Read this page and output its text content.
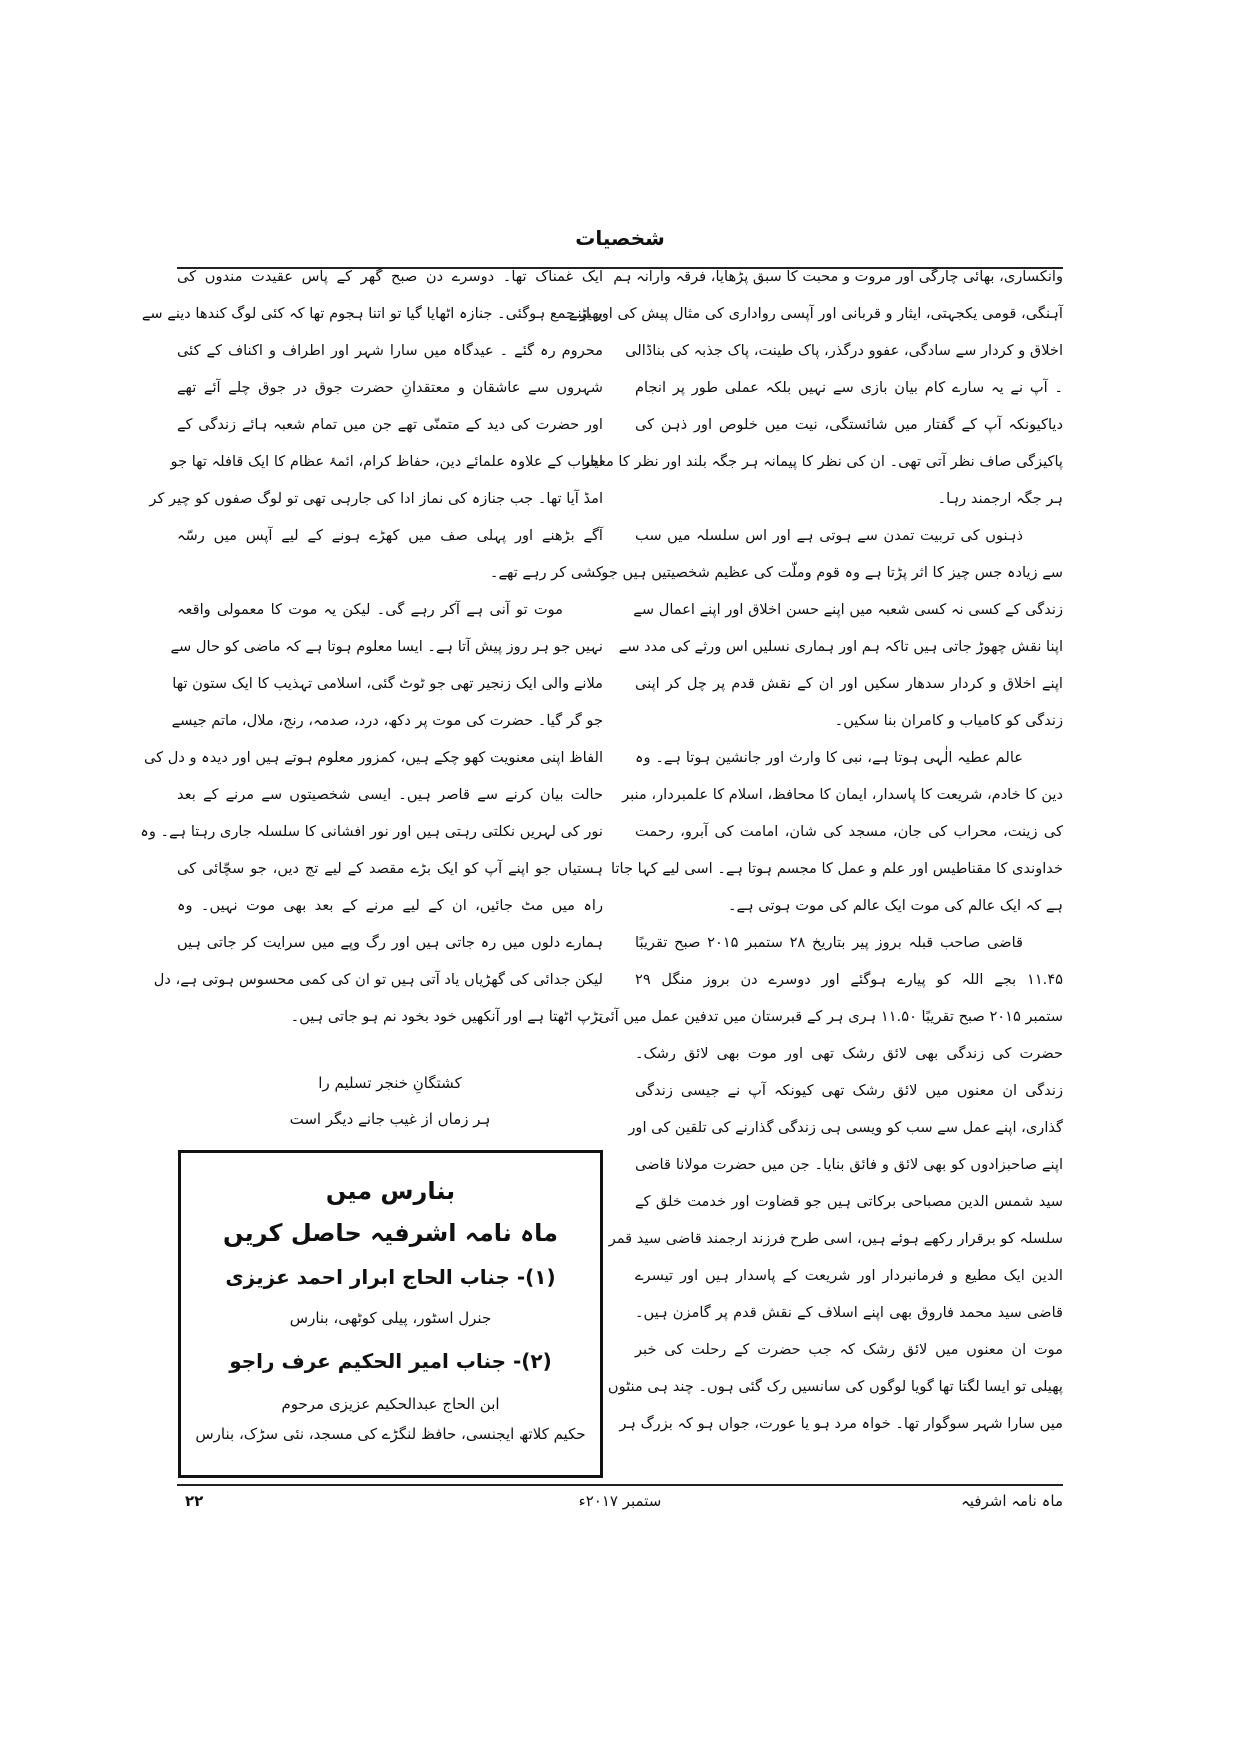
شخصیات
وانکساری، بھائی چارگی اور مروت و محبت کا سبق پڑھایا، فرقہ وارانہ ہم
آہنگی، قومی یکجہتی، ایثار و قربانی اور آپسی رواداری کی مثال پیش کی اور اپنے
اخلاق و کردار سے سادگی، عفوو درگذر، پاک طینت، پاک جذبہ کی بناڈالی
۔ آپ نے یہ سارے کام بیان بازی سے نہیں بلکہ عملی طور پر انجام
دیاکیونکہ آپ کے گفتار میں شائستگی، نیت میں خلوص اور ذہن کی
پاکیزگی صاف نظر آتی تھی۔ ان کی نظر کا پیمانہ ہر جگہ بلند اور نظر کا معیار
ہر جگہ ارجمند رہا۔
ذہنوں کی تربیت تمدن سے ہوتی ہے اور اس سلسلہ میں سب
سے زیادہ جس چیز کا اثر پڑتا ہے وہ قوم وملّت کی عظیم شخصیتیں ہیں جو
زندگی کے کسی نہ کسی شعبہ میں اپنے حسن اخلاق اور اپنے اعمال سے
اپنا نقش چھوڑ جاتی ہیں تاکہ ہم اور ہماری نسلیں اس ورثے کی مدد سے
اپنے اخلاق و کردار سدھار سکیں اور ان کے نقش قدم پر چل کر اپنی
زندگی کو کامیاب و کامران بنا سکیں۔
عالم عطیہ الٰہی ہوتا ہے، نبی کا وارث اور جانشین ہوتا ہے۔ وہ
دین کا خادم، شریعت کا پاسدار، ایمان کا محافظ، اسلام کا علمبردار، منبر
کی زینت، محراب کی جان، مسجد کی شان، امامت کی آبرو، رحمت
خداوندی کا مقناطیس اور علم و عمل کا مجسم ہوتا ہے۔ اسی لیے کہا جاتا
ہے کہ ایک عالم کی موت ایک عالم کی موت ہوتی ہے۔
قاضی صاحب قبلہ بروز پیر بتاریخ ۲۸ ستمبر ۲۰۱۵ صبح تقریبًا
۱۱.۴۵ بجے اللہ کو پیارے ہوگئے اور دوسرے دن بروز منگل ۲۹
ستمبر ۲۰۱۵ صبح تقریبًا ۱۱.۵۰ ہری ہر کے قبرستان میں تدفین عمل میں آئی
حضرت کی زندگی بھی لائق رشک تھی اور موت بھی لائق رشک۔
زندگی ان معنوں میں لائق رشک تھی کیونکہ آپ نے جیسی زندگی
گذاری، اپنے عمل سے سب کو ویسی ہی زندگی گذارنے کی تلقین کی اور
اپنے صاحبزادوں کو بھی لائق و فائق بنایا۔ جن میں حضرت مولانا قاضی
سید شمس الدین مصباحی برکاتی ہیں جو قضاوت اور خدمت خلق کے
سلسلہ کو برقرار رکھے ہوئے ہیں، اسی طرح فرزند ارجمند قاضی سید قمر
الدین ایک مطیع و فرمانبردار اور شریعت کے پاسدار ہیں اور تیسرے
قاضی سید محمد فاروق بھی اپنے اسلاف کے نقش قدم پر گامزن ہیں۔
موت ان معنوں میں لائق رشک کہ جب حضرت کے رحلت کی خبر
پھیلی تو ایسا لگتا تھا گویا لوگوں کی سانسیں رک گئی ہوں۔ چند ہی منٹوں
میں سارا شہر سوگوار تھا۔ خواہ مرد ہو یا عورت، جواں ہو کہ بزرگ ہر
ایک غمناک تھا۔ دوسرے دن صبح گھر کے پاس عقیدت مندوں کی
بھیڑ جمع ہوگئی۔ جنازہ اٹھایا گیا تو اتنا ہجوم تھا کہ کئی لوگ کندھا دینے سے
محروم رہ گئے ۔ عیدگاہ میں سارا شہر اور اطراف و اکناف کے کئی
شہروں سے عاشقان و معتقدانِ حضرت جوق در جوق چلے آئے تھے
اور حضرت کی دید کے متمنّی تھے جن میں تمام شعبہ ہائے زندگی کے
احباب کے علاوہ علمائے دین، حفاظ کرام، ائمۂ عظام کا ایک قافلہ تھا جو
امڈ آیا تھا۔ جب جنازہ کی نماز ادا کی جارہی تھی تو لوگ صفوں کو چیر کر
آگے بڑھنے اور پہلی صف میں کھڑے ہونے کے لیے آپس میں رسّہ
کشی کر رہے تھے۔
موت تو آنی ہے آکر رہے گی۔ لیکن یہ موت کا معمولی واقعہ
نہیں جو ہر روز پیش آتا ہے۔ ایسا معلوم ہوتا ہے کہ ماضی کو حال سے
ملانے والی ایک زنجیر تھی جو ٹوٹ گئی، اسلامی تہذیب کا ایک ستون تھا
جو گر گیا۔ حضرت کی موت پر دکھ، درد، صدمہ، رنج، ملال، ماتم جیسے
الفاظ اپنی معنویت کھو چکے ہیں، کمزور معلوم ہوتے ہیں اور دیدہ و دل کی
حالت بیان کرنے سے قاصر ہیں۔ ایسی شخصیتوں سے مرنے کے بعد
نور کی لہریں نکلتی رہتی ہیں اور نور افشانی کا سلسلہ جاری رہتا ہے۔ وہ
ہستیاں جو اپنے آپ کو ایک بڑے مقصد کے لیے تج دیں، جو سچّائی کی
راہ میں مٹ جائیں، ان کے لیے مرنے کے بعد بھی موت نہیں۔ وہ
ہمارے دلوں میں رہ جاتی ہیں اور رگ وپے میں سرایت کر جاتی ہیں
لیکن جدائی کی گھڑیاں یاد آتی ہیں تو ان کی کمی محسوس ہوتی ہے، دل
تڑپ اٹھتا ہے اور آنکھیں خود بخود نم ہو جاتی ہیں۔
کشتگانِ خنجر تسلیم را
ہر زماں از غیب جانے دیگر است
بنارس میں
ماہ نامہ اشرفیہ حاصل کریں
(۱)- جناب الحاج ابرار احمد عزیزی
جنرل اسٹور، پیلی کوٹھی، بنارس
(۲)- جناب امیر الحکیم عرف راجو
ابن الحاج عبدالحکیم عزیزی مرحوم
حکیم کلاتھ ایجنسی، حافظ لنگڑے کی مسجد، نئی سڑک، بنارس
ماہ نامہ اشرفیہ
ستمبر ۲۰۱۷ء
۲۲
